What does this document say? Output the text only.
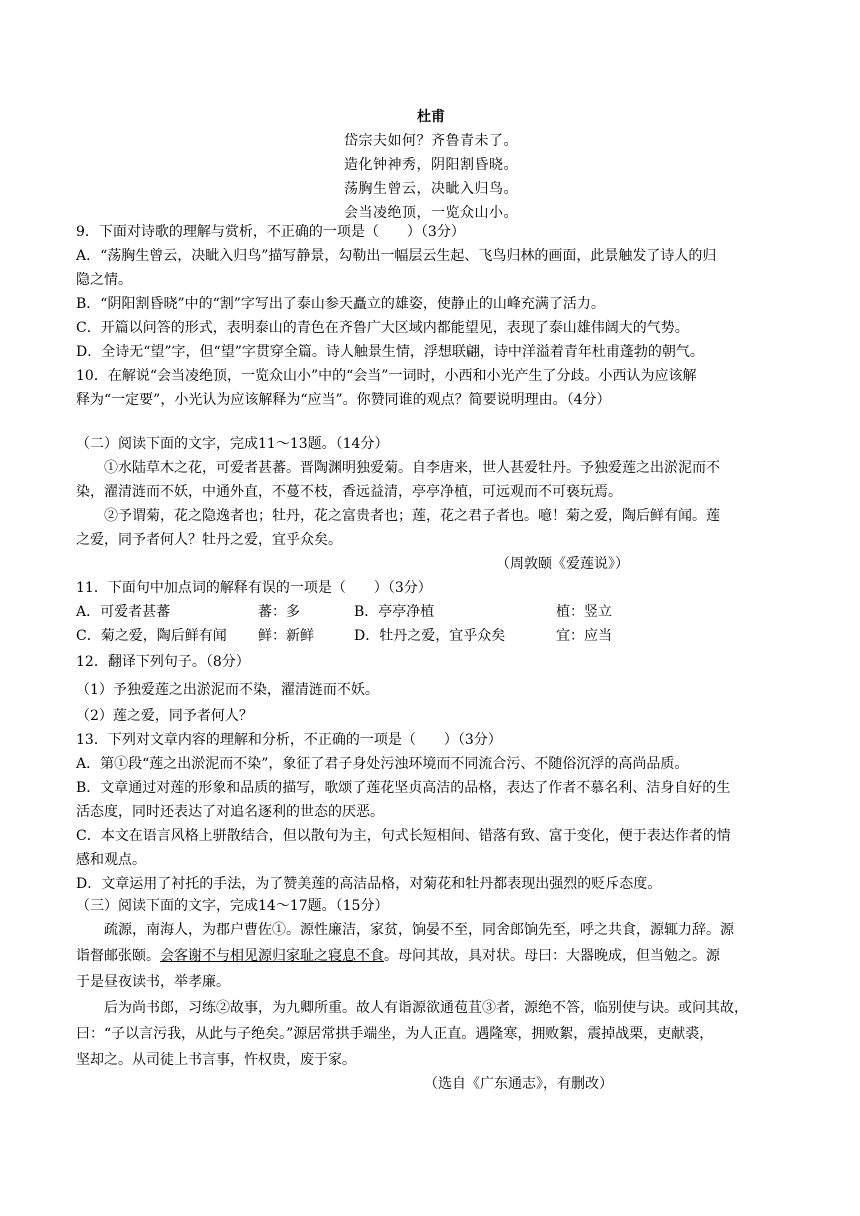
杜甫
岱宗夫如何？齐鲁青未了。
造化钟神秀，阴阳割昏晓。
荡胸生曾云，决眦入归鸟。
会当凌绝顶，一览众山小。
9．下面对诗歌的理解与赏析，不正确的一项是（　　）（3分）
A．“荡胸生曾云，决眦入归鸟”描写静景，勾勒出一幅层云生起、飞鸟归林的画面，此景触发了诗人的归
隐之情。
B．“阴阳割昏晓”中的“割”字写出了泰山参天矗立的雄姿，使静止的山峰充满了活力。
C．开篇以问答的形式，表明泰山的青色在齐鲁广大区域内都能望见，表现了泰山雄伟阔大的气势。
D．全诗无“望”字，但“望”字贯穿全篇。诗人触景生情，浮想联翩，诗中洋溢着青年杜甫蓬勃的朝气。
10．在解说“会当凌绝顶，一览众山小”中的“会当”一词时，小西和小光产生了分歧。小西认为应该解
释为“一定要”，小光认为应该解释为“应当”。你赞同谁的观点？简要说明理由。（4分）
（二）阅读下面的文字，完成11～13题。（14分）
①水陆草木之花，可爱者甚蕃。晋陶渊明独爱菊。自李唐来，世人甚爱牡丹。予独爱莲之出淤泥而不
染，濯清涟而不妖，中通外直，不蔓不枝，香远益清，亭亭净植，可远观而不可亵玩焉。
②予谓菊，花之隐逸者也；牡丹，花之富贵者也；莲，花之君子者也。噫！菊之爱，陶后鲜有闻。莲
之爱，同予者何人？牡丹之爱，宜乎众矣。
（周敦颐《爱莲说》）
11．下面句中加点词的解释有误的一项是（　　）（3分）
A．可爱者甚蕃	蕃：多	B．亭亭净植	植：竖立
C．菊之爱，陶后鲜有闻 鲜：新鲜	D．牡丹之爱，宜乎众矣	宜：应当
12．翻译下列句子。（8分）
（1）予独爱莲之出淤泥而不染，濯清涟而不妖。
（2）莲之爱，同予者何人？
13．下列对文章内容的理解和分析，不正确的一项是（　　）（3分）
A．第①段“莲之出淤泥而不染”，象征了君子身处污浊环境而不同流合污、不随俗沉浮的高尚品质。
B．文章通过对莲的形象和品质的描写，歌颂了莲花坚贞高洁的品格，表达了作者不慕名利、洁身自好的生
活态度，同时还表达了对追名逐利的世态的厌恶。
C．本文在语言风格上骈散结合，但以散句为主，句式长短相间、错落有致、富于变化，便于表达作者的情
感和观点。
D．文章运用了衬托的手法，为了赞美莲的高洁品格，对菊花和牡丹都表现出强烈的贬斥态度。
（三）阅读下面的文字，完成14～17题。（15分）
疏源，南海人，为郡户曹佐①。源性廉洁，家贫，饷晏不至，同舍郎饷先至，呼之共食，源辄力辞。源
诣督邮张颐。会客谢不与相见源归家耻之寝息不食。母问其故，具对状。母曰：大器晚成，但当勉之。源
于是昼夜读书，举孝廉。
后为尚书郎，习练②故事，为九卿所重。故人有诣源欲通苞苴③者，源绝不答，临别使与诀。或问其故，
曰：“子以言污我，从此与子绝矣。”源居常拱手端坐，为人正直。遇隆寒，拥败絮，震掉战栗，吏献裘，
坚却之。从司徒上书言事，忤权贵，废于家。
（选自《广东通志》，有删改）
